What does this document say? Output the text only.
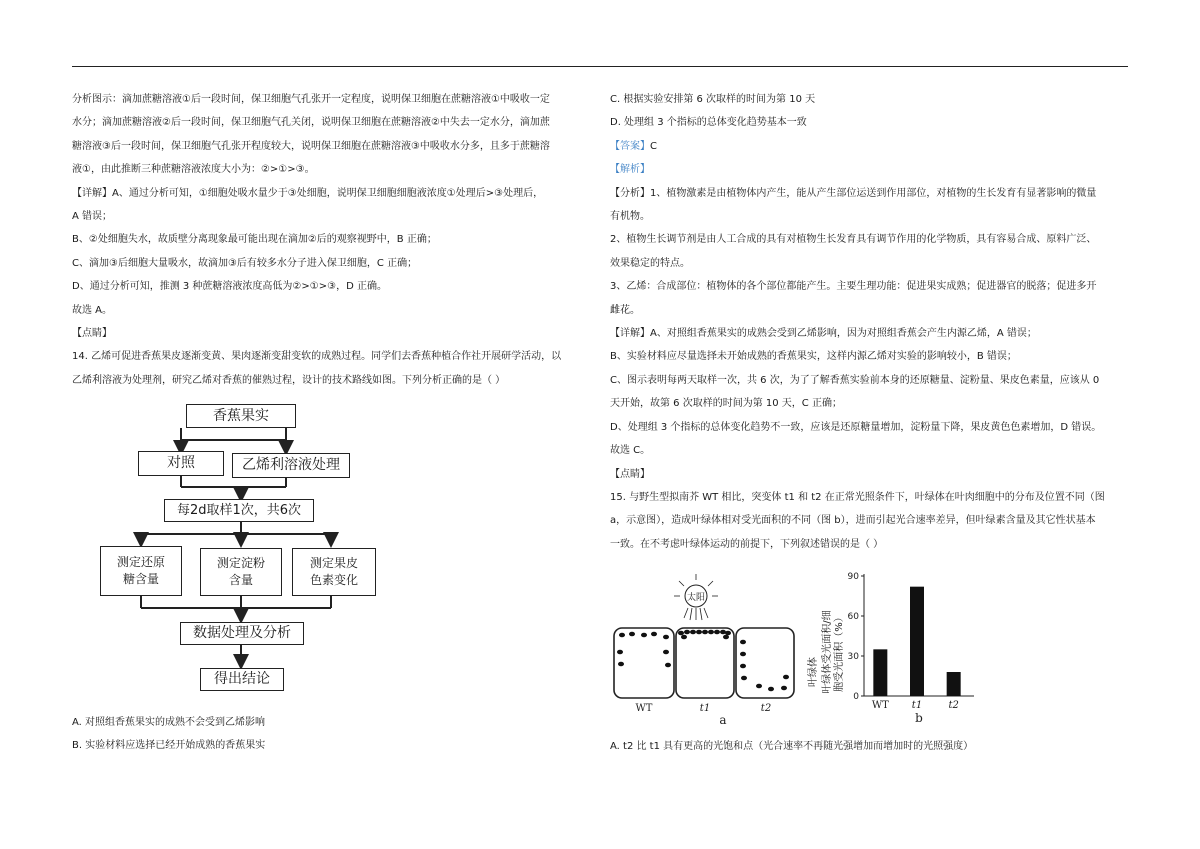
分析图示：滴加蔗糖溶液①后一段时间，保卫细胞气孔张开一定程度，说明保卫细胞在蔗糖溶液①中吸收一定

水分；滴加蔗糖溶液②后一段时间，保卫细胞气孔关闭，说明保卫细胞在蔗糖溶液②中失去一定水分，滴加蔗

糖溶液③后一段时间，保卫细胞气孔张开程度较大，说明保卫细胞在蔗糖溶液③中吸收水分多，且多于蔗糖溶

液①，由此推断三种蔗糖溶液浓度大小为：②>①>③。

【详解】A、通过分析可知，①细胞处吸水量少于③处细胞，说明保卫细胞细胞液浓度①处理后>③处理后，

A 错误；

B、②处细胞失水，故质壁分离现象最可能出现在滴加②后的观察视野中，B 正确；

C、滴加③后细胞大量吸水，故滴加③后有较多水分子进入保卫细胞，C 正确；

D、通过分析可知，推测 3 种蔗糖溶液浓度高低为②>①>③，D 正确。

故选 A。

【点睛】

14. 乙烯可促进香蕉果皮逐渐变黄、果肉逐渐变甜变软的成熟过程。同学们去香蕉种植合作社开展研学活动，以

乙烯利溶液为处理剂，研究乙烯对香蕉的催熟过程，设计的技术路线如图。下列分析正确的是（ ）

香蕉果实
对照	乙烯利溶液处理
每2d取样1次，共6次
测定还原
糖含量
测定淀粉
含量
测定果皮
色素变化
数据处理及分析
得出结论

A. 对照组香蕉果实的成熟不会受到乙烯影响

B. 实验材料应选择已经开始成熟的香蕉果实

C. 根据实验安排第 6 次取样的时间为第 10 天

D. 处理组 3 个指标的总体变化趋势基本一致

【答案】C

【解析】

【分析】1、植物激素是由植物体内产生，能从产生部位运送到作用部位，对植物的生长发育有显著影响的微量

有机物。

2、植物生长调节剂是由人工合成的具有对植物生长发育具有调节作用的化学物质，具有容易合成、原料广泛、

效果稳定的特点。

3、乙烯：合成部位：植物体的各个部位都能产生。主要生理功能：促进果实成熟；促进器官的脱落；促进多开

雌花。

【详解】A、对照组香蕉果实的成熟会受到乙烯影响，因为对照组香蕉会产生内源乙烯，A 错误；

B、实验材料应尽量选择未开始成熟的香蕉果实，这样内源乙烯对实验的影响较小，B 错误；

C、图示表明每两天取样一次，共 6 次，为了了解香蕉实验前本身的还原糖量、淀粉量、果皮色素量，应该从 0

天开始，故第 6 次取样的时间为第 10 天，C 正确；

D、处理组 3 个指标的总体变化趋势不一致，应该是还原糖量增加，淀粉量下降，果皮黄色色素增加，D 错误。

故选 C。

【点睛】

15. 与野生型拟南芥 WT 相比，突变体 t1 和 t2 在正常光照条件下，叶绿体在叶肉细胞中的分布及位置不同（图

a，示意图），造成叶绿体相对受光面积的不同（图 b），进而引起光合速率差异，但叶绿素含量及其它性状基本

一致。在不考虑叶绿体运动的前提下，下列叙述错误的是（ ）

太阳
WT	t1	t2
a
叶绿体受光面积/细 胞受光面积（%）
叶绿体
0
30
60
90
WT t1	t2
b

A. t2 比 t1 具有更高的光饱和点（光合速率不再随光强增加而增加时的光照强度）
